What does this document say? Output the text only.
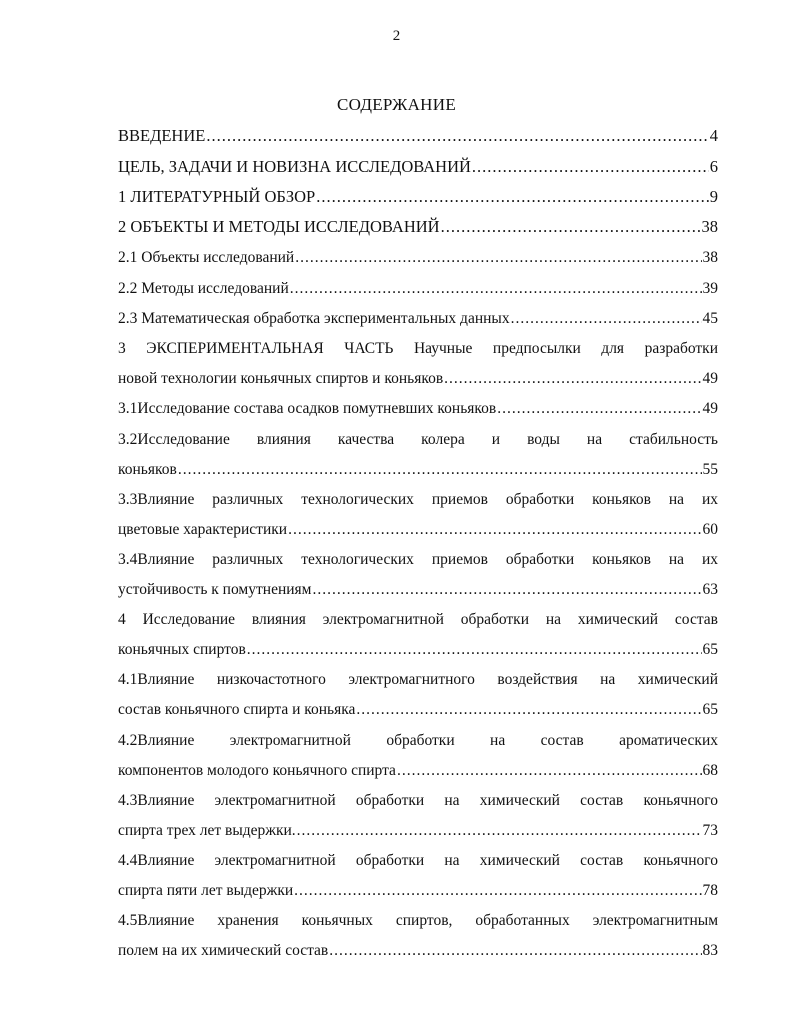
2
СОДЕРЖАНИЕ
ВВЕДЕНИЕ .....	4
ЦЕЛЬ, ЗАДАЧИ И НОВИЗНА ИССЛЕДОВАНИЙ .....	6
1 ЛИТЕРАТУРНЫЙ ОБЗОР .....	9
2 ОБЪЕКТЫ И МЕТОДЫ ИССЛЕДОВАНИЙ .....	38
2.1 Объекты исследований .....	38
2.2 Методы исследований .....	39
2.3 Математическая обработка экспериментальных данных .....	45
3 ЭКСПЕРИМЕНТАЛЬНАЯ ЧАСТЬ Научные предпосылки для разработки
новой технологии коньячных спиртов и коньяков .....	49
3.1Исследование состава осадков помутневших коньяков .....	49
3.2Исследование влияния качества колера и воды на стабильность
коньяков .....	55
3.3Влияние различных технологических приемов обработки коньяков на их
цветовые характеристики .....	60
3.4Влияние различных технологических приемов обработки коньяков на их
устойчивость к помутнениям .....	63
4 Исследование влияния электромагнитной обработки на химический состав
коньячных спиртов .....	65
4.1Влияние низкочастотного электромагнитного воздействия на химический
состав коньячного спирта и коньяка .....	65
4.2Влияние электромагнитной обработки на состав ароматических
компонентов молодого коньячного спирта .....	68
4.3Влияние электромагнитной обработки на химический состав коньячного
спирта трех лет выдержки. .....	73
4.4Влияние электромагнитной обработки на химический состав коньячного
спирта пяти лет выдержки .....	78
4.5Влияние хранения коньячных спиртов, обработанных электромагнитным
полем на их химический состав .....	83
